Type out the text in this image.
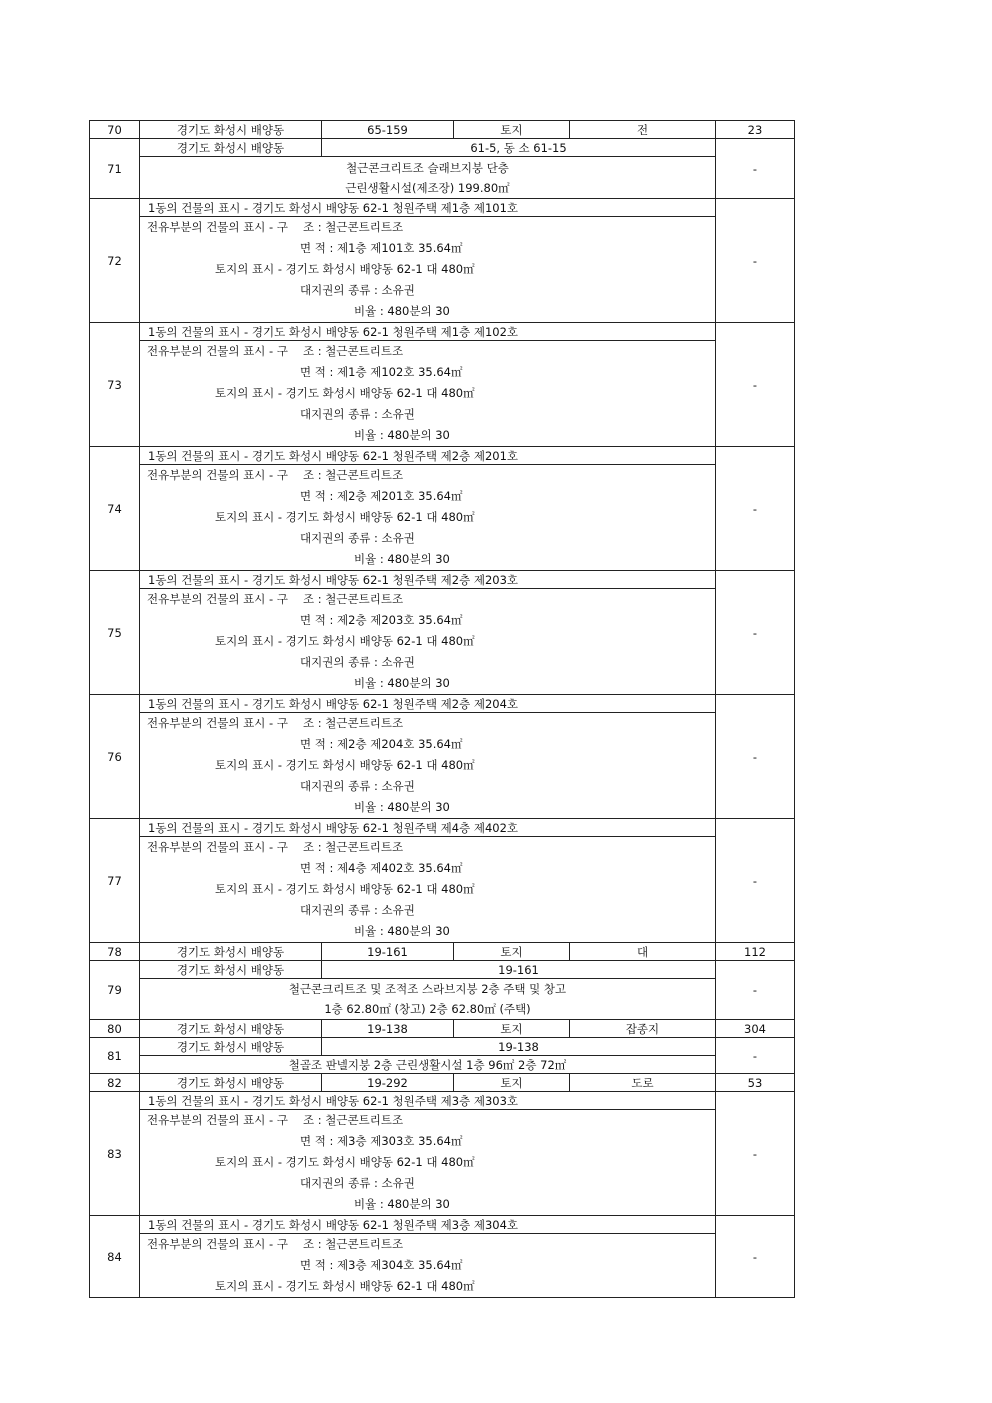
70	경기도 화성시 배양동	65-159	토지	전	23
71	경기도 화성시 배양동	61-5, 동 소 61-15			-
	철근콘크리트조 슬래브지붕 단층				
	근린생활시설(제조장) 199.80㎡				
72	1동의 건물의 표시 - 경기도 화성시 배양동 62-1 청원주택 제1층 제101호				-

	전유부분의 건물의 표시 - 구 조 : 철근콘트리트조
면 적 : 제1층 제101호 35.64㎡
토지의 표시 - 경기도 화성시 배양동 62-1 대 480㎡
대지권의 종류 : 소유권
비율 : 480분의 30				

73	1동의 건물의 표시 - 경기도 화성시 배양동 62-1 청원주택 제1층 제102호				-

	전유부분의 건물의 표시 - 구 조 : 철근콘트리트조
면 적 : 제1층 제102호 35.64㎡
토지의 표시 - 경기도 화성시 배양동 62-1 대 480㎡
대지권의 종류 : 소유권
비율 : 480분의 30				

74	1동의 건물의 표시 - 경기도 화성시 배양동 62-1 청원주택 제2층 제201호				-

	전유부분의 건물의 표시 - 구 조 : 철근콘트리트조
면 적 : 제2층 제201호 35.64㎡
토지의 표시 - 경기도 화성시 배양동 62-1 대 480㎡
대지권의 종류 : 소유권
비율 : 480분의 30				

75	1동의 건물의 표시 - 경기도 화성시 배양동 62-1 청원주택 제2층 제203호				-

	전유부분의 건물의 표시 - 구 조 : 철근콘트리트조
면 적 : 제2층 제203호 35.64㎡
토지의 표시 - 경기도 화성시 배양동 62-1 대 480㎡
대지권의 종류 : 소유권
비율 : 480분의 30				

76	1동의 건물의 표시 - 경기도 화성시 배양동 62-1 청원주택 제2층 제204호				-

	전유부분의 건물의 표시 - 구 조 : 철근콘트리트조
면 적 : 제2층 제204호 35.64㎡
토지의 표시 - 경기도 화성시 배양동 62-1 대 480㎡
대지권의 종류 : 소유권
비율 : 480분의 30				

77	1동의 건물의 표시 - 경기도 화성시 배양동 62-1 청원주택 제4층 제402호				-

	전유부분의 건물의 표시 - 구 조 : 철근콘트리트조
면 적 : 제4층 제402호 35.64㎡
토지의 표시 - 경기도 화성시 배양동 62-1 대 480㎡
대지권의 종류 : 소유권
비율 : 480분의 30				

78	경기도 화성시 배양동	19-161	토지	대	112
79	경기도 화성시 배양동	19-161			-
	철근콘크리트조 및 조적조 스라브지붕 2층 주택 및 창고				
	1층 62.80㎡ (창고) 2층 62.80㎡ (주택)				
80	경기도 화성시 배양동	19-138	토지	잡종지	304
81	경기도 화성시 배양동	19-138			-
	철골조 판넬지붕 2층 근린생활시설 1층 96㎡ 2층 72㎡				
82	경기도 화성시 배양동	19-292	토지	도로	53
83	1동의 건물의 표시 - 경기도 화성시 배양동 62-1 청원주택 제3층 제303호				-

	전유부분의 건물의 표시 - 구 조 : 철근콘트리트조
면 적 : 제3층 제303호 35.64㎡
토지의 표시 - 경기도 화성시 배양동 62-1 대 480㎡
대지권의 종류 : 소유권
비율 : 480분의 30				

84	1동의 건물의 표시 - 경기도 화성시 배양동 62-1 청원주택 제3층 제304호				-

	전유부분의 건물의 표시 - 구 조 : 철근콘트리트조
면 적 : 제3층 제304호 35.64㎡
토지의 표시 - 경기도 화성시 배양동 62-1 대 480㎡				
